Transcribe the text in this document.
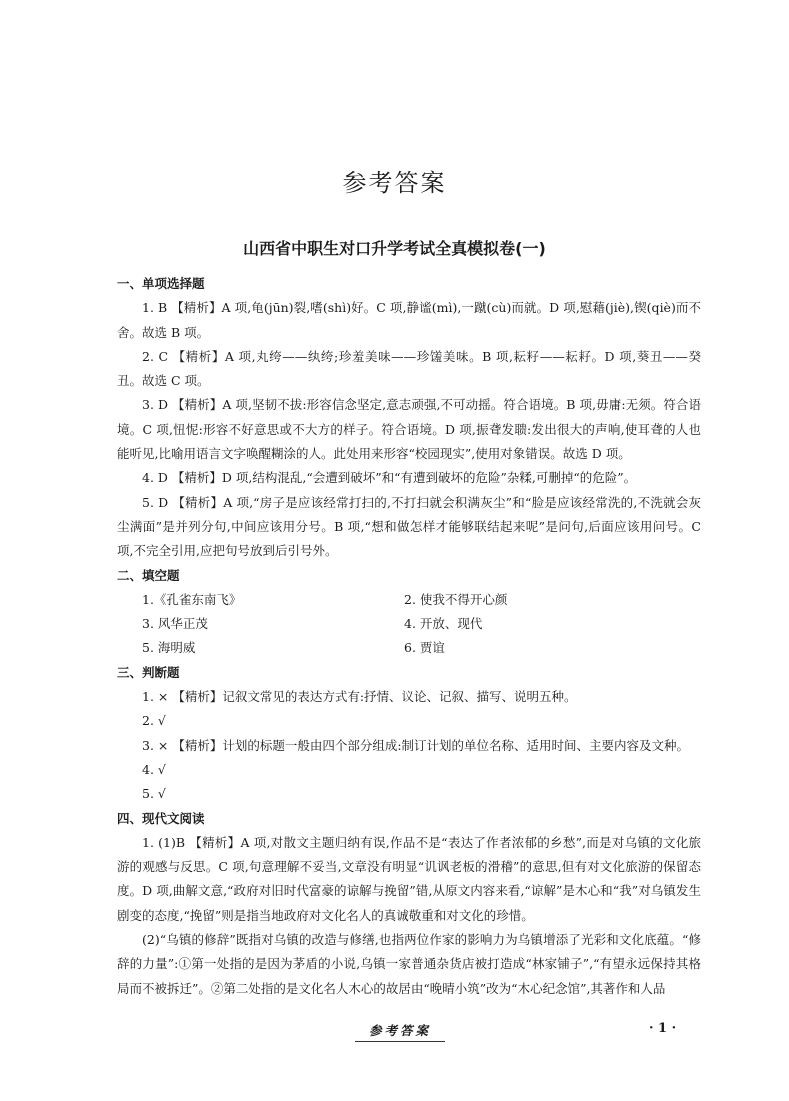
参考答案
山西省中职生对口升学考试全真模拟卷(一)
一、单项选择题

1. B 【精析】A 项,龟(jūn)裂,嗜(shì)好。C 项,静谧(mì),一蹴(cù)而就。D 项,慰藉(jiè),锲(qiè)而不舍。故选 B 项。

2. C 【精析】A 项,丸绔——纨绔;珍羞美味——珍馐美味。B 项,耘籽——耘耔。D 项,葵丑——癸丑。故选 C 项。

3. D 【精析】A 项,坚韧不拔:形容信念坚定,意志顽强,不可动摇。符合语境。B 项,毋庸:无须。符合语境。C 项,忸怩:形容不好意思或不大方的样子。符合语境。D 项,振聋发聩:发出很大的声响,使耳聋的人也能听见,比喻用语言文字唤醒糊涂的人。此处用来形容“校园现实”,使用对象错误。故选 D 项。

4. D 【精析】D 项,结构混乱,“会遭到破坏”和“有遭到破坏的危险”杂糅,可删掉“的危险”。

5. D 【精析】A 项,“房子是应该经常打扫的,不打扫就会积满灰尘”和“脸是应该经常洗的,不洗就会灰尘满面”是并列分句,中间应该用分号。B 项,“想和做怎样才能够联结起来呢”是问句,后面应该用问号。C 项,不完全引用,应把句号放到后引号外。

二、填空题
1.《孔雀东南飞》	2. 使我不得开心颜
3. 风华正茂	4. 开放、现代
5. 海明威	6. 贾谊
三、判断题

1. × 【精析】记叙文常见的表达方式有:抒情、议论、记叙、描写、说明五种。

2. √

3. × 【精析】计划的标题一般由四个部分组成:制订计划的单位名称、适用时间、主要内容及文种。

4. √

5. √

四、现代文阅读

1. (1)B 【精析】A 项,对散文主题归纳有误,作品不是“表达了作者浓郁的乡愁”,而是对乌镇的文化旅游的观感与反思。C 项,句意理解不妥当,文章没有明显“讥讽老板的滑稽”的意思,但有对文化旅游的保留态度。D 项,曲解文意,“政府对旧时代富豪的谅解与挽留”错,从原文内容来看,“谅解”是木心和“我”对乌镇发生剧变的态度,“挽留”则是指当地政府对文化名人的真诚敬重和对文化的珍惜。

(2)“乌镇的修辞”既指对乌镇的改造与修缮,也指两位作家的影响力为乌镇增添了光彩和文化底蕴。“修辞的力量”:①第一处指的是因为茅盾的小说,乌镇一家普通杂货店被打造成“林家铺子”,“有望永远保持其格局而不被拆迁”。②第二处指的是文化名人木心的故居由“晚晴小筑”改为“木心纪念馆”,其著作和人品

参考答案	· 1 ·
